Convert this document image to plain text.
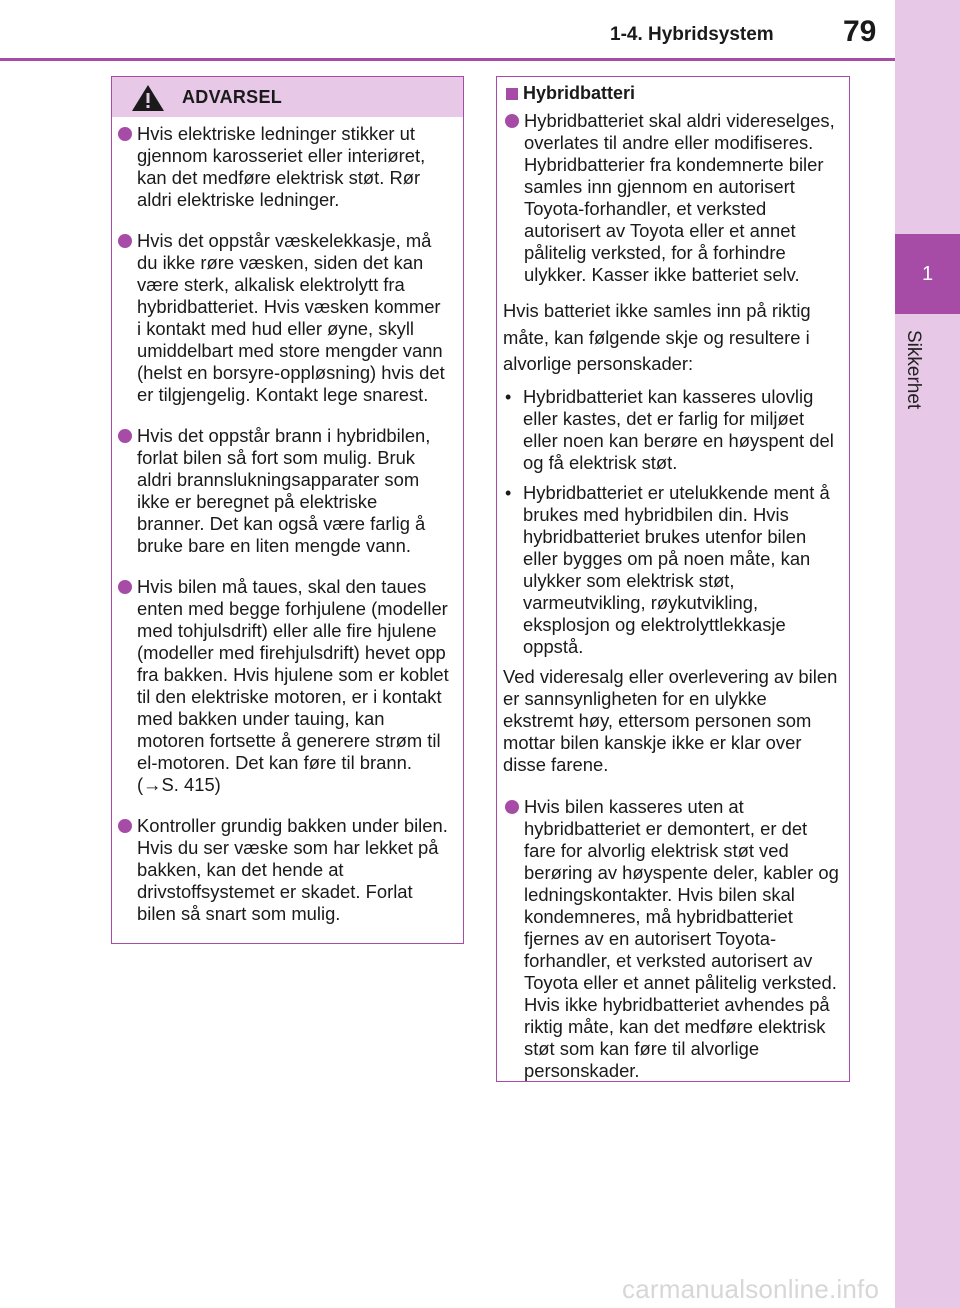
1-4. Hybridsystem 79
1
Sikkerhet
ADVARSEL
Hvis elektriske ledninger stikker ut gjennom karosseriet eller interiøret, kan det medføre elektrisk støt. Rør aldri elektriske ledninger.
Hvis det oppstår væskelekkasje, må du ikke røre væsken, siden det kan være sterk, alkalisk elektrolytt fra hybridbatteriet. Hvis væsken kommer i kontakt med hud eller øyne, skyll umiddelbart med store mengder vann (helst en borsyre-oppløsning) hvis det er tilgjengelig. Kontakt lege snarest.
Hvis det oppstår brann i hybridbilen, forlat bilen så fort som mulig. Bruk aldri brannslukningsapparater som ikke er beregnet på elektriske branner. Det kan også være farlig å bruke bare en liten mengde vann.
Hvis bilen må taues, skal den taues enten med begge forhjulene (modeller med tohjulsdrift) eller alle fire hjulene (modeller med firehjulsdrift) hevet opp fra bakken. Hvis hjulene som er koblet til den elektriske motoren, er i kontakt med bakken under tauing, kan motoren fortsette å generere strøm til el-motoren. Det kan føre til brann. (→S. 415)
Kontroller grundig bakken under bilen. Hvis du ser væske som har lekket på bakken, kan det hende at drivstoffsystemet er skadet. Forlat bilen så snart som mulig.
Hybridbatteri
Hybridbatteriet skal aldri videreselges, overlates til andre eller modifiseres. Hybridbatterier fra kondemnerte biler samles inn gjennom en autorisert Toyota-forhandler, et verksted autorisert av Toyota eller et annet pålitelig verksted, for å forhindre ulykker. Kasser ikke batteriet selv.

Hvis batteriet ikke samles inn på riktig måte, kan følgende skje og resultere i alvorlige personskader:

• Hybridbatteriet kan kasseres ulovlig eller kastes, det er farlig for miljøet eller noen kan berøre en høyspent del og få elektrisk støt.
• Hybridbatteriet er utelukkende ment å brukes med hybridbilen din. Hvis hybridbatteriet brukes utenfor bilen eller bygges om på noen måte, kan ulykker som elektrisk støt, varmeutvikling, røykutvikling, eksplosjon og elektrolyttlekkasje oppstå.

Ved videresalg eller overlevering av bilen er sannsynligheten for en ulykke ekstremt høy, ettersom personen som mottar bilen kanskje ikke er klar over disse farene.

Hvis bilen kasseres uten at hybridbatteriet er demontert, er det fare for alvorlig elektrisk støt ved berøring av høyspente deler, kabler og ledningskontakter. Hvis bilen skal kondemneres, må hybridbatteriet fjernes av en autorisert Toyota-forhandler, et verksted autorisert av Toyota eller et annet pålitelig verksted. Hvis ikke hybridbatteriet avhendes på riktig måte, kan det medføre elektrisk støt som kan føre til alvorlige personskader.
carmanualsonline.info
